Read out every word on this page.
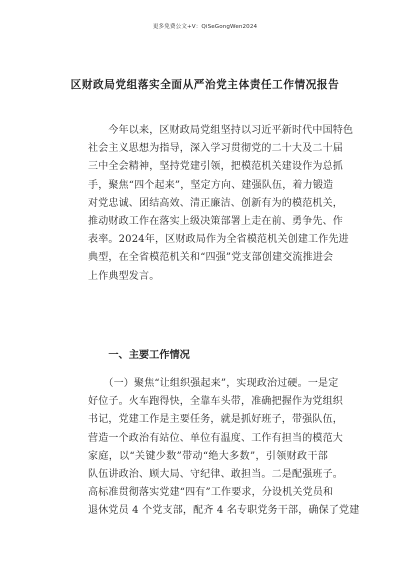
更多免费公文+V：QiSeGongWen2024
区财政局党组落实全面从严治党主体责任工作情况报告
　　今年以来，区财政局党组坚持以习近平新时代中国特色
社会主义思想为指导，深入学习贯彻党的二十大及二十届
三中全会精神，坚持党建引领，把模范机关建设作为总抓
手，聚焦“四个起来”，坚定方向、建强队伍，着力锻造
对党忠诚、团结高效、清正廉洁、创新有为的模范机关，
推动财政工作在落实上级决策部署上走在前、勇争先、作
表率。2024年，区财政局作为全省模范机关创建工作先进
典型，在全省模范机关和“四强”党支部创建交流推进会
上作典型发言。
　　一、主要工作情况
　　（一）聚焦“让组织强起来”，实现政治过硬。一是定
好位子。火车跑得快，全靠车头带，准确把握作为党组织
书记，党建工作是主要任务，就是抓好班子，带强队伍，
营造一个政治有站位、单位有温度、工作有担当的模范大
家庭，以“关键少数”带动“绝大多数”，引领财政干部
队伍讲政治、顾大局、守纪律、敢担当。二是配强班子。
高标准贯彻落实党建“四有”工作要求，分设机关党员和
退休党员 4 个党支部，配齐 4 名专职党务干部，确保了党建
